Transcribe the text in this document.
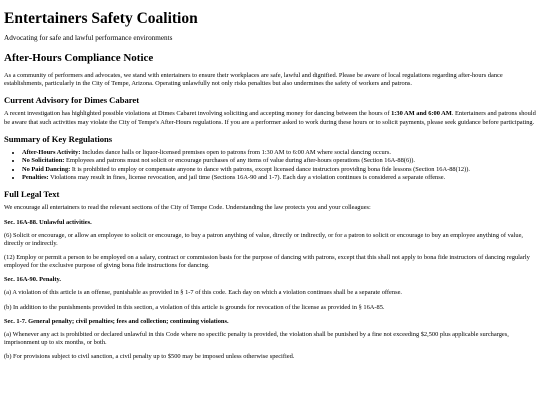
Entertainers Safety Coalition
Advocating for safe and lawful performance environments
After-Hours Compliance Notice

As a community of performers and advocates, we stand with entertainers to ensure their workplaces are safe, lawful and dignified. Please be aware of local regulations regarding after-hours dance establishments, particularly in the City of Tempe, Arizona. Operating unlawfully not only risks penalties but also undermines the safety of workers and patrons.

Current Advisory for Dimes Cabaret

A recent investigation has highlighted possible violations at Dimes Cabaret involving soliciting and accepting money for dancing between the hours of 1:30 AM and 6:00 AM. Entertainers and patrons should be aware that such activities may violate the City of Tempe's After-Hours regulations. If you are a performer asked to work during these hours or to solicit payments, please seek guidance before participating.

Summary of Key Regulations
• After-Hours Activity: Includes dance halls or liquor-licensed premises open to patrons from 1:30 AM to 6:00 AM where social dancing occurs.
• No Solicitation: Employees and patrons must not solicit or encourage purchases of any items of value during after-hours operations (Section 16A-88(6)).
• No Paid Dancing: It is prohibited to employ or compensate anyone to dance with patrons, except licensed dance instructors providing bona fide lessons (Section 16A-88(12)).
• Penalties: Violations may result in fines, license revocation, and jail time (Sections 16A-90 and 1-7). Each day a violation continues is considered a separate offense.
Full Legal Text

We encourage all entertainers to read the relevant sections of the City of Tempe Code. Understanding the law protects you and your colleagues:

Sec. 16A-88. Unlawful activities.

(6) Solicit or encourage, or allow an employee to solicit or encourage, to buy a patron anything of value, directly or indirectly, or for a patron to solicit or encourage to buy an employee anything of value, directly or indirectly.

(12) Employ or permit a person to be employed on a salary, contract or commission basis for the purpose of dancing with patrons, except that this shall not apply to bona fide instructors of dancing regularly employed for the exclusive purpose of giving bona fide instructions for dancing.

Sec. 16A-90. Penalty.

(a) A violation of this article is an offense, punishable as provided in § 1-7 of this code. Each day on which a violation continues shall be a separate offense.

(b) In addition to the punishments provided in this section, a violation of this article is grounds for revocation of the license as provided in § 16A-85.

Sec. 1-7. General penalty; civil penalties; fees and collection; continuing violations.

(a) Whenever any act is prohibited or declared unlawful in this Code where no specific penalty is provided, the violation shall be punished by a fine not exceeding $2,500 plus applicable surcharges, imprisonment up to six months, or both.

(b) For provisions subject to civil sanction, a civil penalty up to $500 may be imposed unless otherwise specified.
